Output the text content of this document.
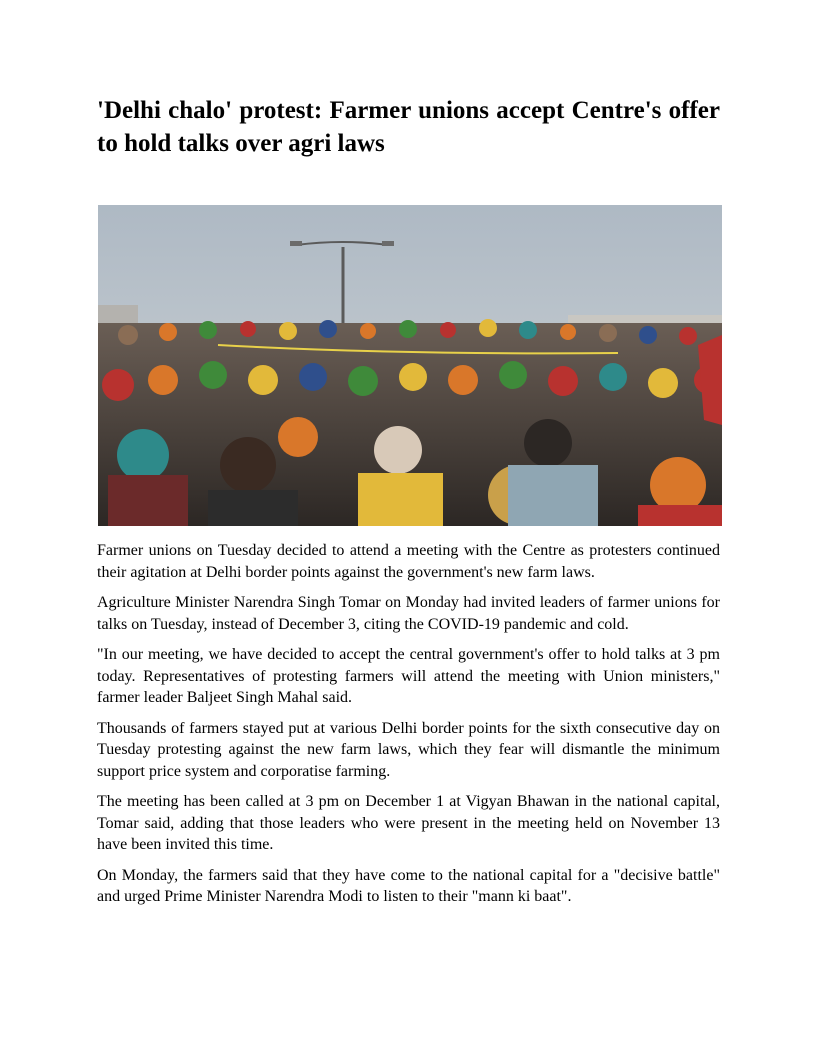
'Delhi chalo' protest: Farmer unions accept Centre's offer to hold talks over agri laws

Farmer unions on Tuesday decided to attend a meeting with the Centre as protesters continued their agitation at Delhi border points against the government's new farm laws.

Agriculture Minister Narendra Singh Tomar on Monday had invited leaders of farmer unions for talks on Tuesday, instead of December 3, citing the COVID-19 pandemic and cold.

"In our meeting, we have decided to accept the central government's offer to hold talks at 3 pm today. Representatives of protesting farmers will attend the meeting with Union ministers," farmer leader Baljeet Singh Mahal said.

Thousands of farmers stayed put at various Delhi border points for the sixth consecutive day on Tuesday protesting against the new farm laws, which they fear will dismantle the minimum support price system and corporatise farming.

The meeting has been called at 3 pm on December 1 at Vigyan Bhawan in the national capital, Tomar said, adding that those leaders who were present in the meeting held on November 13 have been invited this time.

On Monday, the farmers said that they have come to the national capital for a "decisive battle" and urged Prime Minister Narendra Modi to listen to their "mann ki baat".
